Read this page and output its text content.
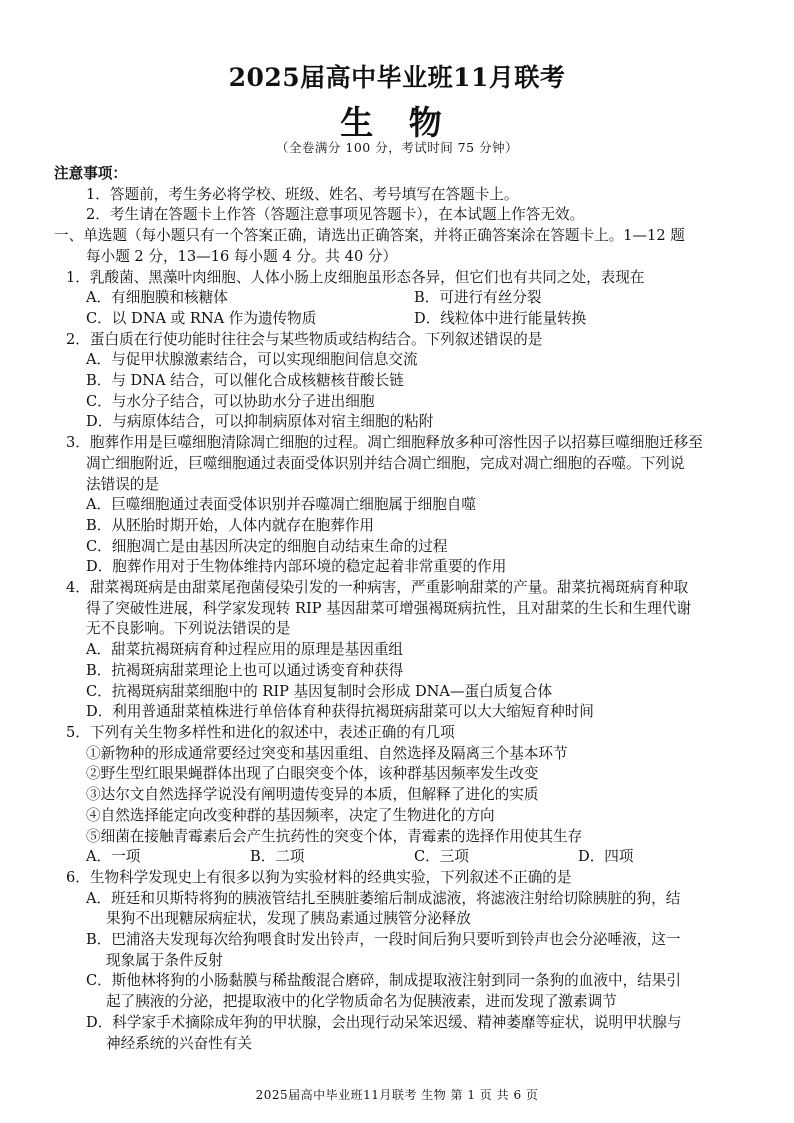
2025届高中毕业班11月联考
生 物
（全卷满分 100 分，考试时间 75 分钟）
注意事项：
1．答题前，考生务必将学校、班级、姓名、考号填写在答题卡上。
2．考生请在答题卡上作答（答题注意事项见答题卡），在本试题上作答无效。
一、单选题（每小题只有一个答案正确，请选出正确答案，并将正确答案涂在答题卡上。1—12 题
每小题 2 分，13—16 每小题 4 分。共 40 分）
1．乳酸菌、黑藻叶肉细胞、人体小肠上皮细胞虽形态各异，但它们也有共同之处，表现在
A．有细胞膜和核糖体	B．可进行有丝分裂
C．以 DNA 或 RNA 作为遗传物质	D．线粒体中进行能量转换
2．蛋白质在行使功能时往往会与某些物质或结构结合。下列叙述错误的是
A．与促甲状腺激素结合，可以实现细胞间信息交流
B．与 DNA 结合，可以催化合成核糖核苷酸长链
C．与水分子结合，可以协助水分子进出细胞
D．与病原体结合，可以抑制病原体对宿主细胞的粘附
3．胞葬作用是巨噬细胞清除凋亡细胞的过程。凋亡细胞释放多种可溶性因子以招募巨噬细胞迁移至
凋亡细胞附近，巨噬细胞通过表面受体识别并结合凋亡细胞，完成对凋亡细胞的吞噬。下列说
法错误的是
A．巨噬细胞通过表面受体识别并吞噬凋亡细胞属于细胞自噬
B．从胚胎时期开始，人体内就存在胞葬作用
C．细胞凋亡是由基因所决定的细胞自动结束生命的过程
D．胞葬作用对于生物体维持内部环境的稳定起着非常重要的作用
4．甜菜褐斑病是由甜菜尾孢菌侵染引发的一种病害，严重影响甜菜的产量。甜菜抗褐斑病育种取
得了突破性进展，科学家发现转 RIP 基因甜菜可增强褐斑病抗性，且对甜菜的生长和生理代谢
无不良影响。下列说法错误的是
A．甜菜抗褐斑病育种过程应用的原理是基因重组
B．抗褐斑病甜菜理论上也可以通过诱变育种获得
C．抗褐斑病甜菜细胞中的 RIP 基因复制时会形成 DNA—蛋白质复合体
D．利用普通甜菜植株进行单倍体育种获得抗褐斑病甜菜可以大大缩短育种时间
5．下列有关生物多样性和进化的叙述中，表述正确的有几项
①新物种的形成通常要经过突变和基因重组、自然选择及隔离三个基本环节
②野生型红眼果蝇群体出现了白眼突变个体，该种群基因频率发生改变
③达尔文自然选择学说没有阐明遗传变异的本质，但解释了进化的实质
④自然选择能定向改变种群的基因频率，决定了生物进化的方向
⑤细菌在接触青霉素后会产生抗药性的突变个体，青霉素的选择作用使其生存
A．一项	B．二项	C．三项	D．四项
6．生物科学发现史上有很多以狗为实验材料的经典实验，下列叙述不正确的是
A．班廷和贝斯特将狗的胰液管结扎至胰脏萎缩后制成滤液，将滤液注射给切除胰脏的狗，结
果狗不出现糖尿病症状，发现了胰岛素通过胰管分泌释放
B．巴浦洛夫发现每次给狗喂食时发出铃声，一段时间后狗只要听到铃声也会分泌唾液，这一
现象属于条件反射
C．斯他林将狗的小肠黏膜与稀盐酸混合磨碎，制成提取液注射到同一条狗的血液中，结果引
起了胰液的分泌，把提取液中的化学物质命名为促胰液素，进而发现了激素调节
D．科学家手术摘除成年狗的甲状腺，会出现行动呆笨迟缓、精神萎靡等症状，说明甲状腺与
神经系统的兴奋性有关
2025届高中毕业班11月联考 生物 第 1 页 共 6 页
